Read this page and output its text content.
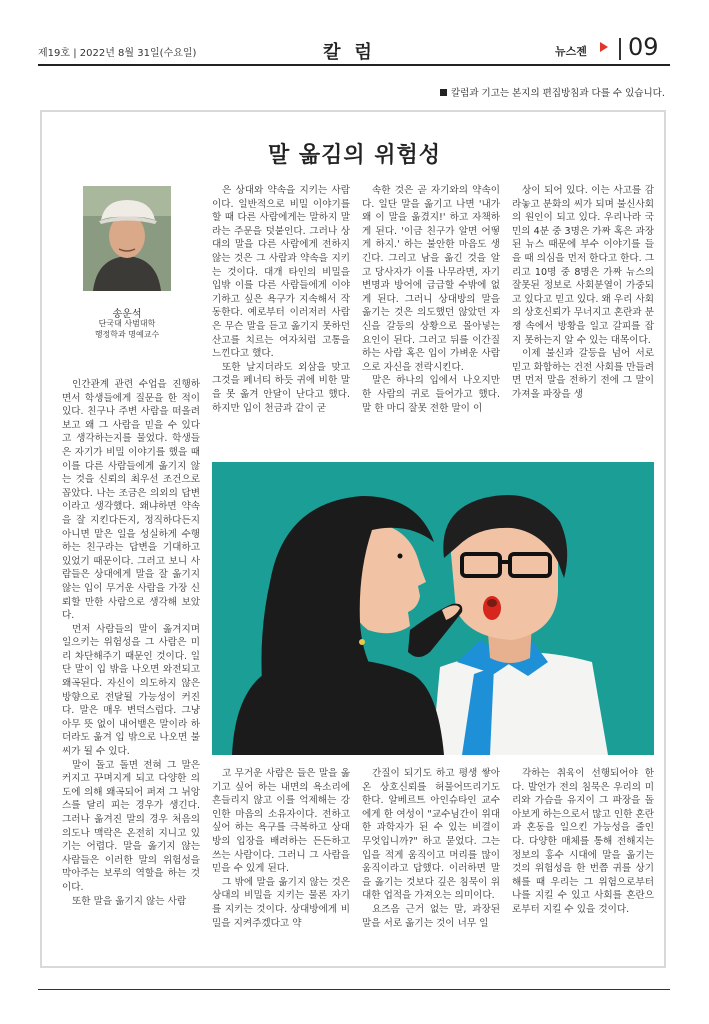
제19호 | 2022년 8월 31일(수요일)	칼럼	뉴스젠 09
칼럼과 기고는 본지의 편집방침과 다를 수 있습니다.
말 옮김의 위험성
송운석
단국대 사범대학
행정학과 명예교수

인간관계 관련 수업을 진행하면서 학생들에게 질문을 한 적이 있다. 친구나 주변 사람을 떠올려 보고 왜 그 사람을 믿을 수 있다고 생각하는지를 물었다. 학생들은 자기가 비밀 이야기를 했을 때 이를 다른 사람들에게 옮기지 않는 것을 신뢰의 최우선 조건으로 꼽았다. 나는 조금은 의외의 답변이라고 생각했다. 왜냐하면 약속을 잘 지킨다든지, 정직하다든지 아니면 맡은 일을 성실하게 수행하는 친구라는 답변을 기대하고 있었기 때문이다. 그러고 보니 사람들은 상대에게 말을 잘 옮기지 않는 입이 무거운 사람을 가장 신뢰할 만한 사람으로 생각해 보았다.

먼저 사람들의 말이 옮겨지며 일으키는 위험성을 그 사람은 미리 차단해주기 때문인 것이다. 일단 말이 입 밖을 나오면 와전되고 왜곡된다. 자신이 의도하지 않은 방향으로 전달될 가능성이 커진다. 말은 매우 변덕스럽다. 그냥 아무 뜻 없이 내어뱉은 말이라 하더라도 옮겨 입 밖으로 나오면 불씨가 될 수 있다.

말이 돌고 돌면 전혀 그 말은 커지고 꾸며지게 되고 다양한 의도에 의해 왜곡되어 퍼져 그 뉘앙스를 달리 피는 경우가 생긴다. 그러나 옮겨진 말의 경우 처음의 의도나 맥락은 온전히 지니고 있기는 어렵다. 말을 옮기지 않는 사람들은 이러한 말의 위험성을 막아주는 보루의 역할을 하는 것이다.

또한 말을 옮기지 않는 사람

은 상대와 약속을 지키는 사람이다. 일반적으로 비밀 이야기를 할 때 다른 사람에게는 말하지 말라는 주문을 덧붙인다. 그러나 상대의 말을 다른 사람에게 전하지 않는 것은 그 사람과 약속을 지키는 것이다. 대개 타인의 비밀을 입밖 이를 다른 사람들에게 이야기하고 싶은 욕구가 지속해서 작동한다. 예로부터 이러저러 사람은 무슨 말을 듣고 옮기지 못하던 산고를 치르는 여자처럼 고통을 느낀다고 했다.

또한 날지더라도 외삼을 맞고 그것을 페너티 하듯 귀에 비한 말을 못 옮겨 안달이 난다고 했다. 하지만 입이 천금과 같이 굳

속한 것은 곧 자기와의 약속이다. 일단 말을 옮기고 나면 '내가 왜 이 말을 옮겼지!' 하고 자책하게 된다. '이금 친구가 알면 어떻게 하지.' 하는 불안한 마음도 생긴다. 그리고 남을 옮긴 것을 알고 당사자가 이를 나무라면, 자기변명과 방어에 급급할 수밖에 없게 된다. 그러니 상대방의 말을 옮기는 것은 의도했던 않았던 자신을 갈등의 상황으로 몰아넣는 요인이 된다. 그러고 뒤를 이간질하는 사람 혹은 입이 가벼운 사람으로 자신을 전락시킨다.

말은 하나의 입에서 나오지만 한 사람의 귀로 들어가고 했다. 말 한 마디 잘못 전한 말이 이

상이 되어 있다. 이는 사고를 감라놓고 분화의 씨가 되며 불신사회의 원인이 되고 있다. 우리나라 국민의 4분 중 3명은 가짜 혹은 과장된 뉴스 때문에 부수 이야기를 들을 때 의심을 먼저 한다고 한다. 그리고 10명 중 8명은 가짜 뉴스의 잘못된 정보로 사회분열이 가중되고 있다고 믿고 있다. 왜 우리 사회의 상호신뢰가 무너지고 혼란과 분쟁 속에서 방황을 일고 갈피를 잡지 못하는지 알 수 있는 대목이다.

이제 불신과 갈등을 넘어 서로 믿고 화합하는 건전 사회를 만들려면 먼저 말을 전하기 전에 그 말이 가져올 파장을 생

고 무거운 사람은 들은 말을 옮기고 싶어 하는 내면의 욕소리에 흔들리지 않고 이를 억제해는 강인한 마음의 소유자이다. 전하고 싶어 하는 욕구를 극복하고 상대방의 입장을 배려하는 든든하고 쓰는 사람이다. 그러니 그 사람을 믿을 수 있게 된다.

그 밖에 말을 옮기지 않는 것은 상대의 비밀을 지키는 물론 자기를 지키는 것이다. 상대방에게 비밀을 지켜주겠다고 약

간질이 되기도 하고 평생 쌓아온 상호신뢰를 허물어뜨리기도 한다. 알베르트 아인슈타인 교수에게 한 여성이 "교수님간이 위대한 과학자가 된 수 있는 비결이 무엇입니까?" 하고 묻었다. 그는 입을 적게 움직이고 머리를 많이 움직이라고 답했다. 이러하면 말을 옮기는 것보다 깊은 침묵이 위대한 업적을 가져오는 의미이다.

요즈음 근거 없는 말, 과장된 말을 서로 옮기는 것이 너무 일

각하는 취육이 선행되어야 한다. 발언가 전의 침묵은 우리의 미리와 가슴을 유지이 그 파장을 돌아보게 하는으로서 많고 인한 혼란과 혼동을 일으킨 가능성을 줄인다. 다양한 매체를 통해 전해지는 정보의 홍수 시대에 말을 옮기는 것의 위험성을 한 번쯤 귀를 상기해를 때 우리는 그 위험으로부터 나를 지킬 수 있고 사회를 혼란으로부터 지킬 수 있을 것이다.
